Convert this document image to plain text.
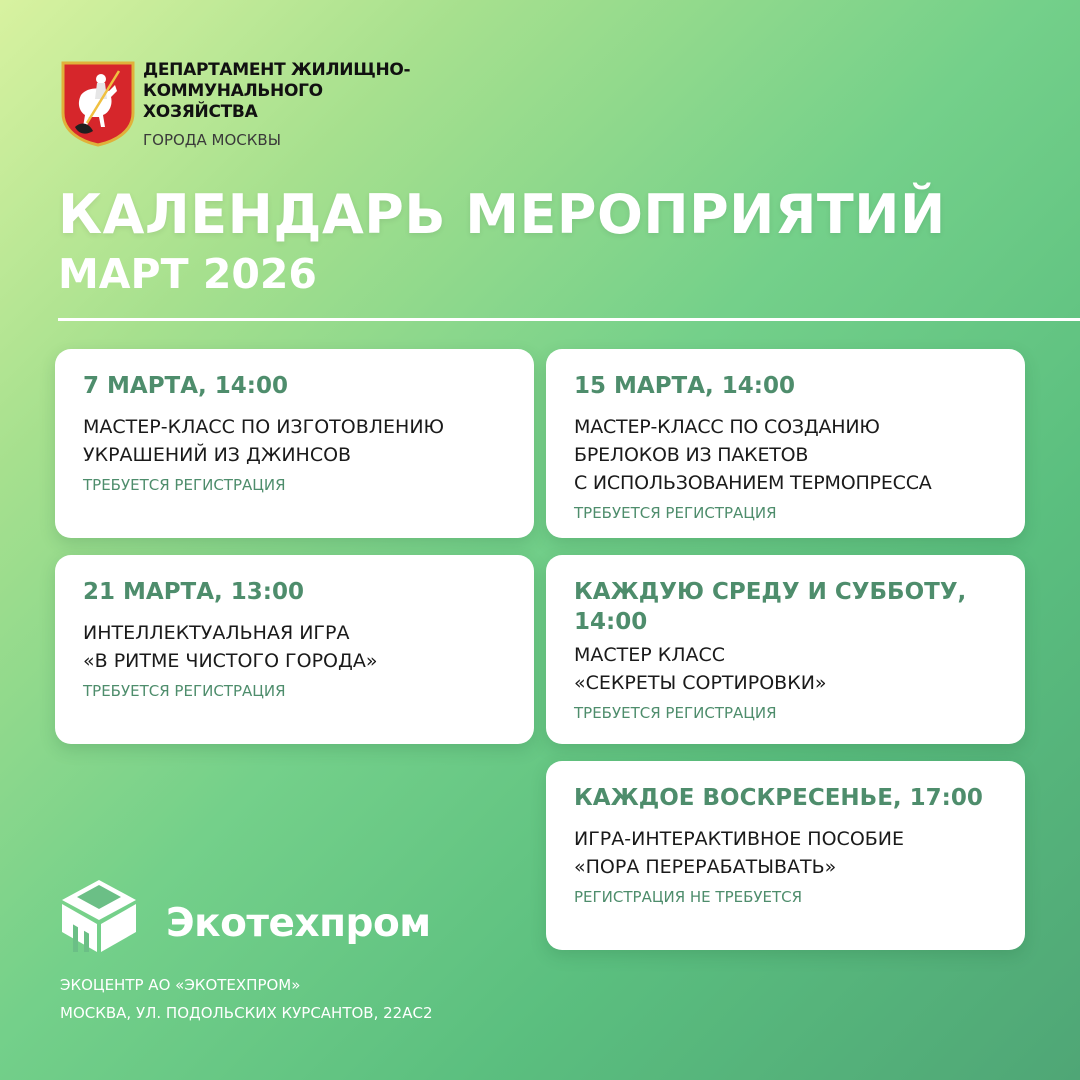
ДЕПАРТАМЕНТ ЖИЛИЩНО-
КОММУНАЛЬНОГО
ХОЗЯЙСТВА
ГОРОДА МОСКВЫ
КАЛЕНДАРЬ МЕРОПРИЯТИЙ
МАРТ 2026
7 МАРТА, 14:00
МАСТЕР-КЛАСС ПО ИЗГОТОВЛЕНИЮ
УКРАШЕНИЙ ИЗ ДЖИНСОВ
ТРЕБУЕТСЯ РЕГИСТРАЦИЯ
15 МАРТА, 14:00
МАСТЕР-КЛАСС ПО СОЗДАНИЮ
БРЕЛОКОВ ИЗ ПАКЕТОВ
С ИСПОЛЬЗОВАНИЕМ ТЕРМОПРЕССА
ТРЕБУЕТСЯ РЕГИСТРАЦИЯ
21 МАРТА, 13:00
ИНТЕЛЛЕКТУАЛЬНАЯ ИГРА
«В РИТМЕ ЧИСТОГО ГОРОДА»
ТРЕБУЕТСЯ РЕГИСТРАЦИЯ
КАЖДУЮ СРЕДУ И СУББОТУ,
14:00
МАСТЕР КЛАСС
«СЕКРЕТЫ СОРТИРОВКИ»
ТРЕБУЕТСЯ РЕГИСТРАЦИЯ
КАЖДОЕ ВОСКРЕСЕНЬЕ, 17:00
ИГРА-ИНТЕРАКТИВНОЕ ПОСОБИЕ
«ПОРА ПЕРЕРАБАТЫВАТЬ»
РЕГИСТРАЦИЯ НЕ ТРЕБУЕТСЯ
Экотехпром
ЭКОЦЕНТР АО «ЭКОТЕХПРОМ»
МОСКВА, УЛ. ПОДОЛЬСКИХ КУРСАНТОВ, 22АС2
